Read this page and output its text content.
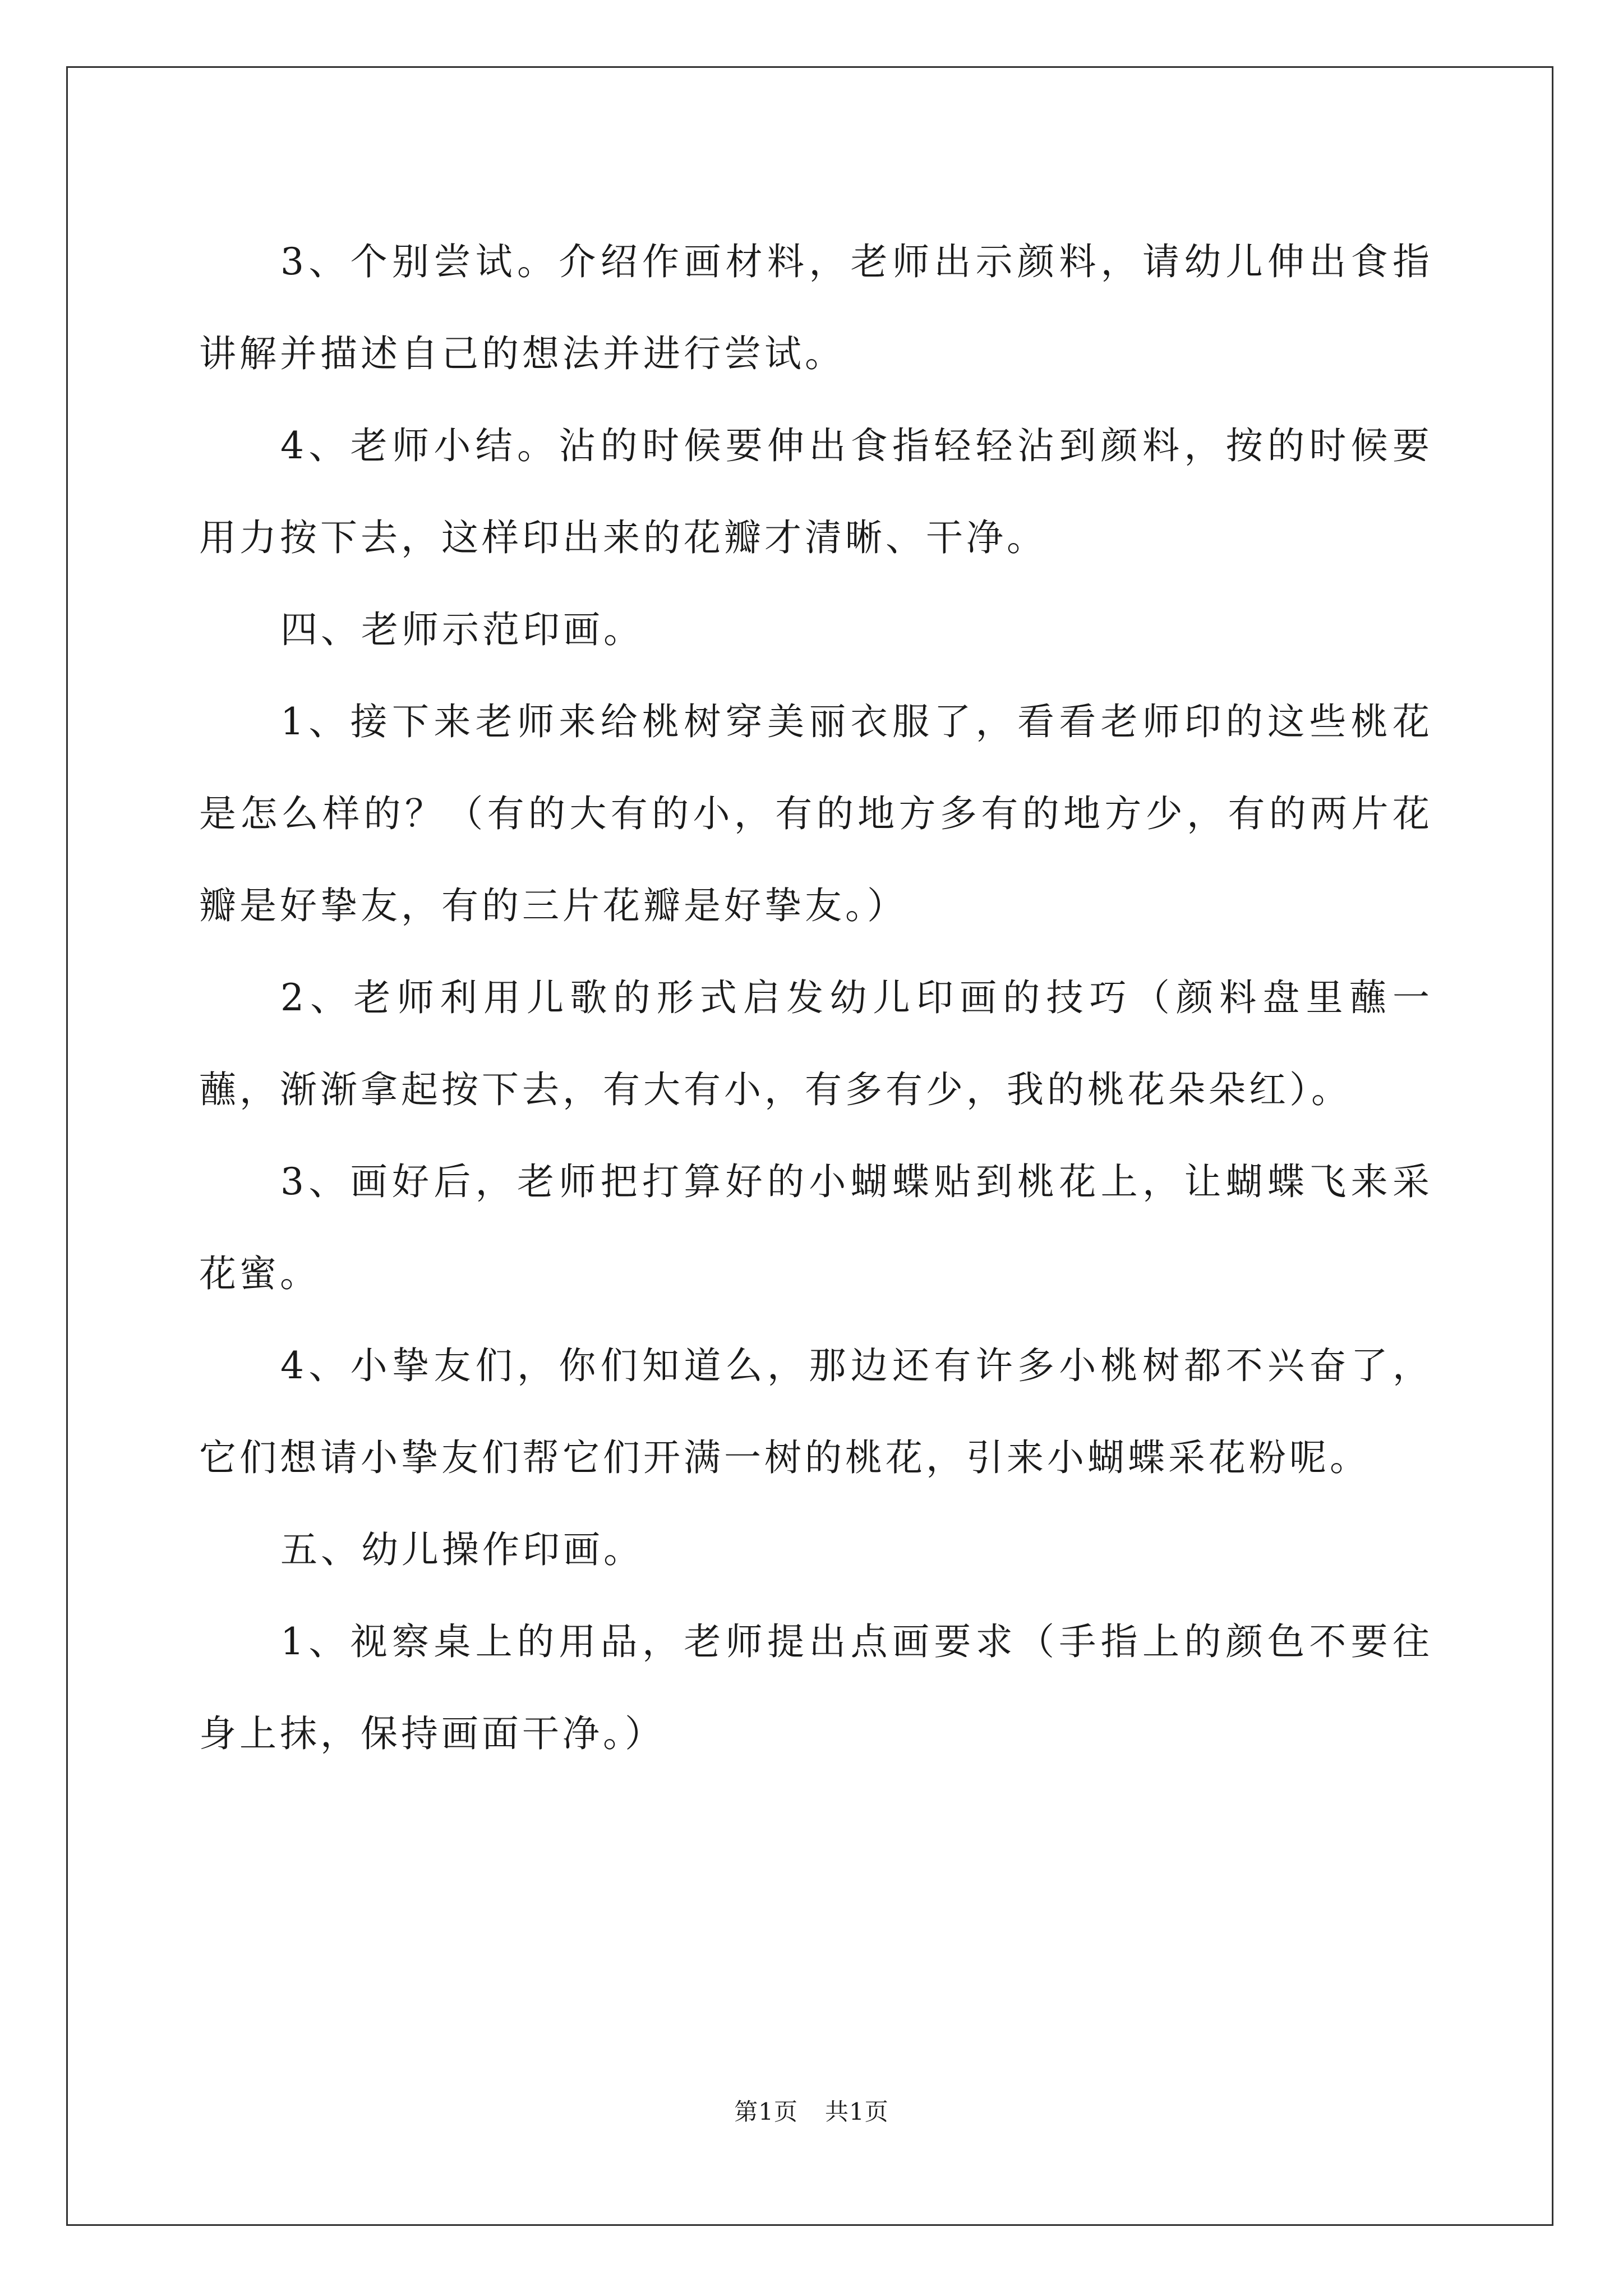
3、个别尝试。介绍作画材料，老师出示颜料，请幼儿伸出食指讲解并描述自己的想法并进行尝试。

4、老师小结。沾的时候要伸出食指轻轻沾到颜料，按的时候要用力按下去，这样印出来的花瓣才清晰、干净。

四、老师示范印画。

1、接下来老师来给桃树穿美丽衣服了，看看老师印的这些桃花是怎么样的？（有的大有的小，有的地方多有的地方少，有的两片花瓣是好挚友，有的三片花瓣是好挚友。）

2、老师利用儿歌的形式启发幼儿印画的技巧（颜料盘里蘸一蘸，渐渐拿起按下去，有大有小，有多有少，我的桃花朵朵红）。

3、画好后，老师把打算好的小蝴蝶贴到桃花上，让蝴蝶飞来采花蜜。

4、小挚友们，你们知道么，那边还有许多小桃树都不兴奋了，它们想请小挚友们帮它们开满一树的桃花，引来小蝴蝶采花粉呢。

五、幼儿操作印画。

1、视察桌上的用品，老师提出点画要求（手指上的颜色不要往身上抹，保持画面干净。）

第1页 共1页
